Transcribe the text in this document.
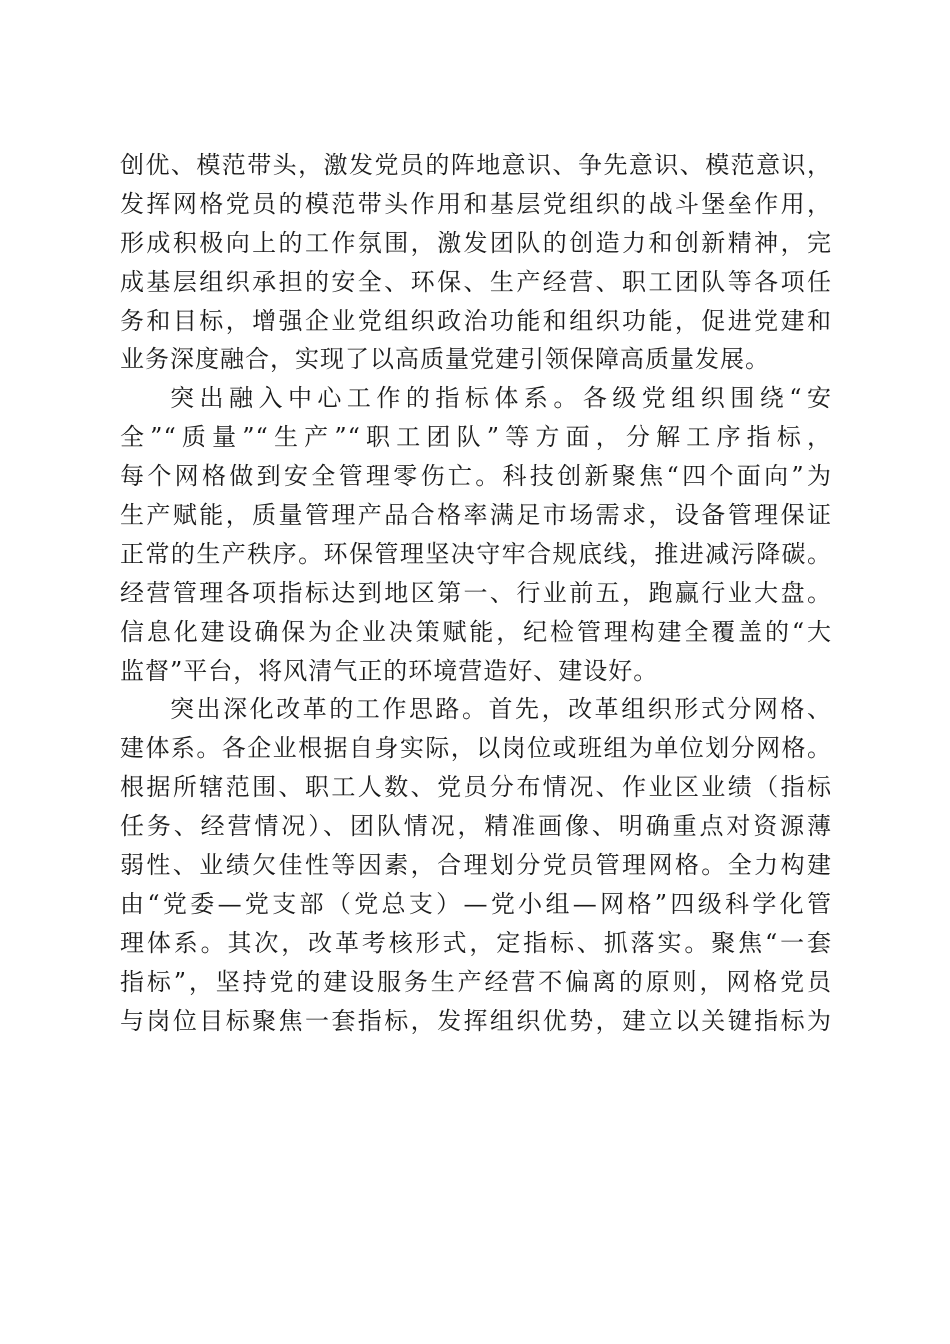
创优、模范带头，激发党员的阵地意识、争先意识、模范意识，
发挥网格党员的模范带头作用和基层党组织的战斗堡垒作用，
形成积极向上的工作氛围，激发团队的创造力和创新精神，完
成基层组织承担的安全、环保、生产经营、职工团队等各项任
务和目标，增强企业党组织政治功能和组织功能，促进党建和
业务深度融合，实现了以高质量党建引领保障高质量发展。
突出融入中心工作的指标体系。各级党组织围绕“安
全”“质量”“生产”“职工团队”等方面，分解工序指标，
每个网格做到安全管理零伤亡。科技创新聚焦“四个面向”为
生产赋能，质量管理产品合格率满足市场需求，设备管理保证
正常的生产秩序。环保管理坚决守牢合规底线，推进减污降碳。
经营管理各项指标达到地区第一、行业前五，跑赢行业大盘。
信息化建设确保为企业决策赋能，纪检管理构建全覆盖的“大
监督”平台，将风清气正的环境营造好、建设好。
突出深化改革的工作思路。首先，改革组织形式分网格、
建体系。各企业根据自身实际，以岗位或班组为单位划分网格。
根据所辖范围、职工人数、党员分布情况、作业区业绩（指标
任务、经营情况）、团队情况，精准画像、明确重点对资源薄
弱性、业绩欠佳性等因素，合理划分党员管理网格。全力构建
由“党委—党支部（党总支）—党小组—网格”四级科学化管
理体系。其次，改革考核形式，定指标、抓落实。聚焦“一套
指标”，坚持党的建设服务生产经营不偏离的原则，网格党员
与岗位目标聚焦一套指标，发挥组织优势，建立以关键指标为
